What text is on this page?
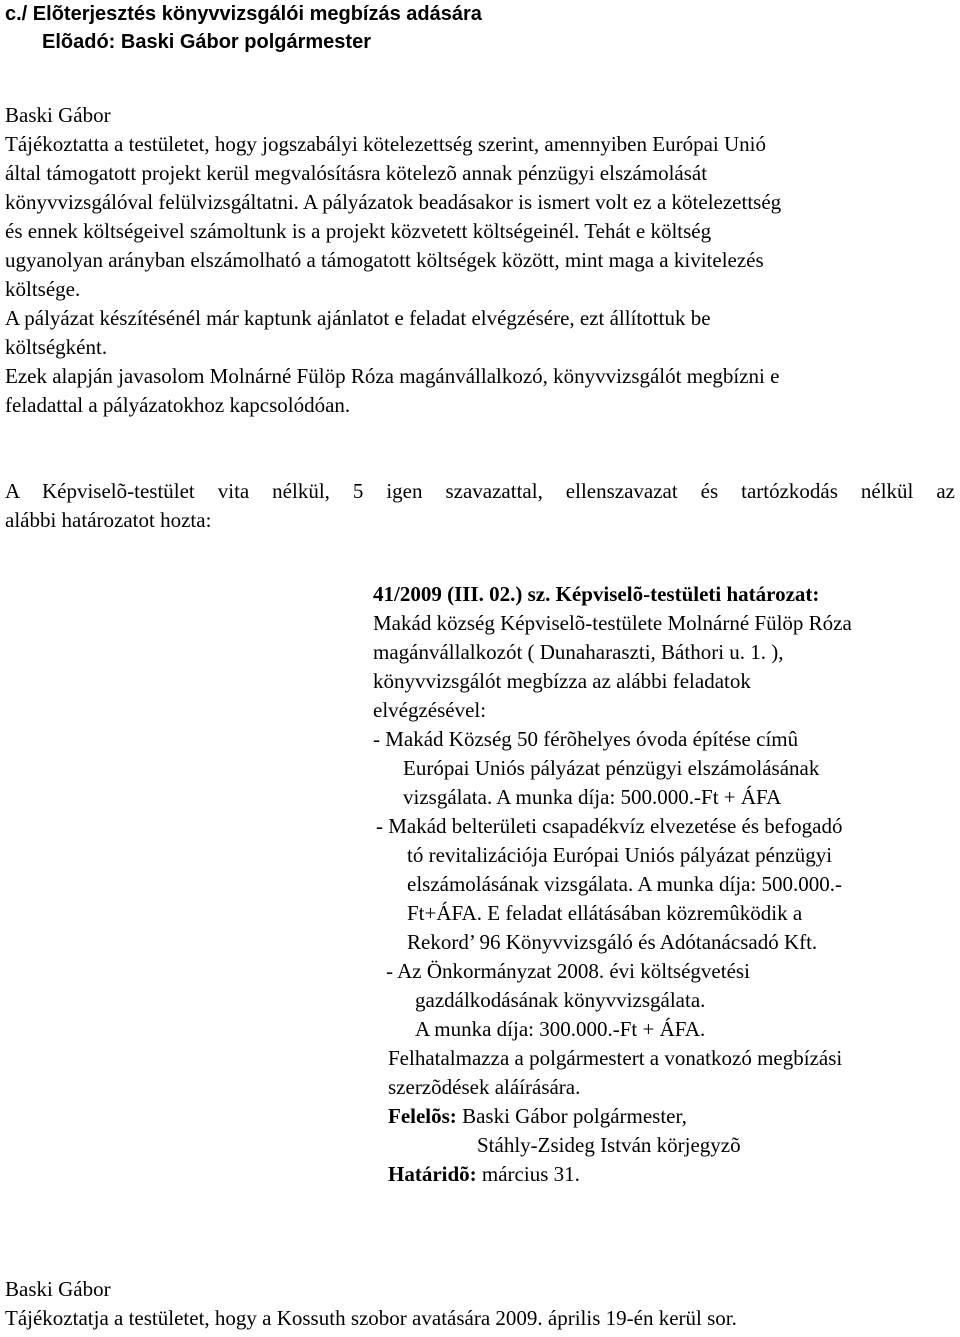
c./ Elõterjesztés könyvvizsgálói megbízás adására
Elõadó: Baski Gábor polgármester
Baski Gábor
Tájékoztatta a testületet, hogy jogszabályi kötelezettség szerint, amennyiben Európai Unió
által támogatott projekt kerül megvalósításra kötelezõ annak pénzügyi elszámolását
könyvvizsgálóval felülvizsgáltatni. A pályázatok beadásakor is ismert volt ez a kötelezettség
és ennek költségeivel számoltunk is a projekt közvetett költségeinél. Tehát e költség
ugyanolyan arányban elszámolható a támogatott költségek között, mint maga a kivitelezés
költsége.
A pályázat készítésénél már kaptunk ajánlatot e feladat elvégzésére, ezt állítottuk be
költségként.
Ezek alapján javasolom Molnárné Fülöp Róza magánvállalkozó, könyvvizsgálót megbízni e
feladattal a pályázatokhoz kapcsolódóan.
A Képviselõ-testület vita nélkül, 5 igen szavazattal, ellenszavazat és tartózkodás nélkül az
alábbi határozatot hozta:
41/2009 (III. 02.) sz. Képviselõ-testületi határozat:
Makád község Képviselõ-testülete Molnárné Fülöp Róza
magánvállalkozót ( Dunaharaszti, Báthori u. 1. ),
könyvvizsgálót megbízza az alábbi feladatok
elvégzésével:
- Makád Község 50 férõhelyes óvoda építése címû
Európai Uniós pályázat pénzügyi elszámolásának
vizsgálata. A munka díja: 500.000.-Ft + ÁFA
- Makád belterületi csapadékvíz elvezetése és befogadó
tó revitalizációja Európai Uniós pályázat pénzügyi
elszámolásának vizsgálata. A munka díja: 500.000.-
Ft+ÁFA. E feladat ellátásában közremûködik a
Rekord’ 96 Könyvvizsgáló és Adótanácsadó Kft.
- Az Önkormányzat 2008. évi költségvetési
gazdálkodásának könyvvizsgálata.
A munka díja: 300.000.-Ft + ÁFA.
Felhatalmazza a polgármestert a vonatkozó megbízási
szerzõdések aláírására.
Felelõs: Baski Gábor polgármester,
Stáhly-Zsideg István körjegyzõ
Határidõ: március 31.
Baski Gábor
Tájékoztatja a testületet, hogy a Kossuth szobor avatására 2009. április 19-én kerül sor.
